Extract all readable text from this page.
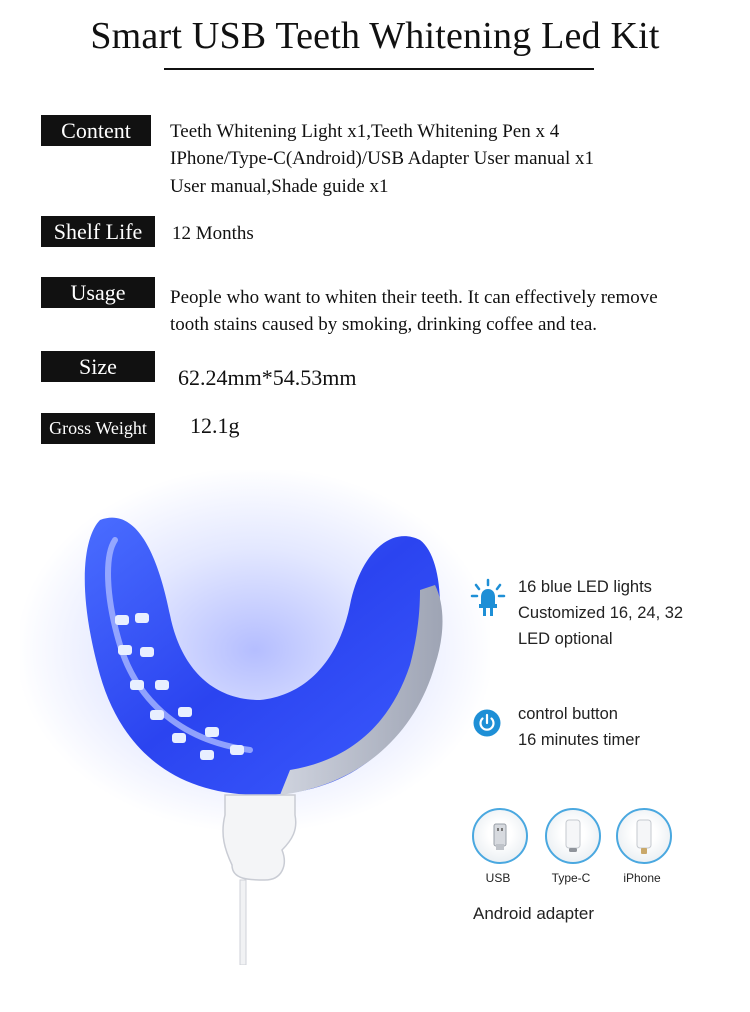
Smart USB Teeth Whitening Led Kit
Content	Teeth Whitening Light x1,Teeth Whitening Pen x 4
IPhone/Type-C(Android)/USB Adapter User manual x1
User manual,Shade guide x1
Shelf Life	12 Months
Usage	People who want to whiten their teeth. It can effectively remove
tooth stains caused by smoking, drinking coffee and tea.
Size	62.24mm*54.53mm
Gross Weight	12.1g
16 blue LED lights
Customized 16, 24, 32
LED optional
control button
16 minutes timer
USB	Type-C	iPhone
Android adapter
